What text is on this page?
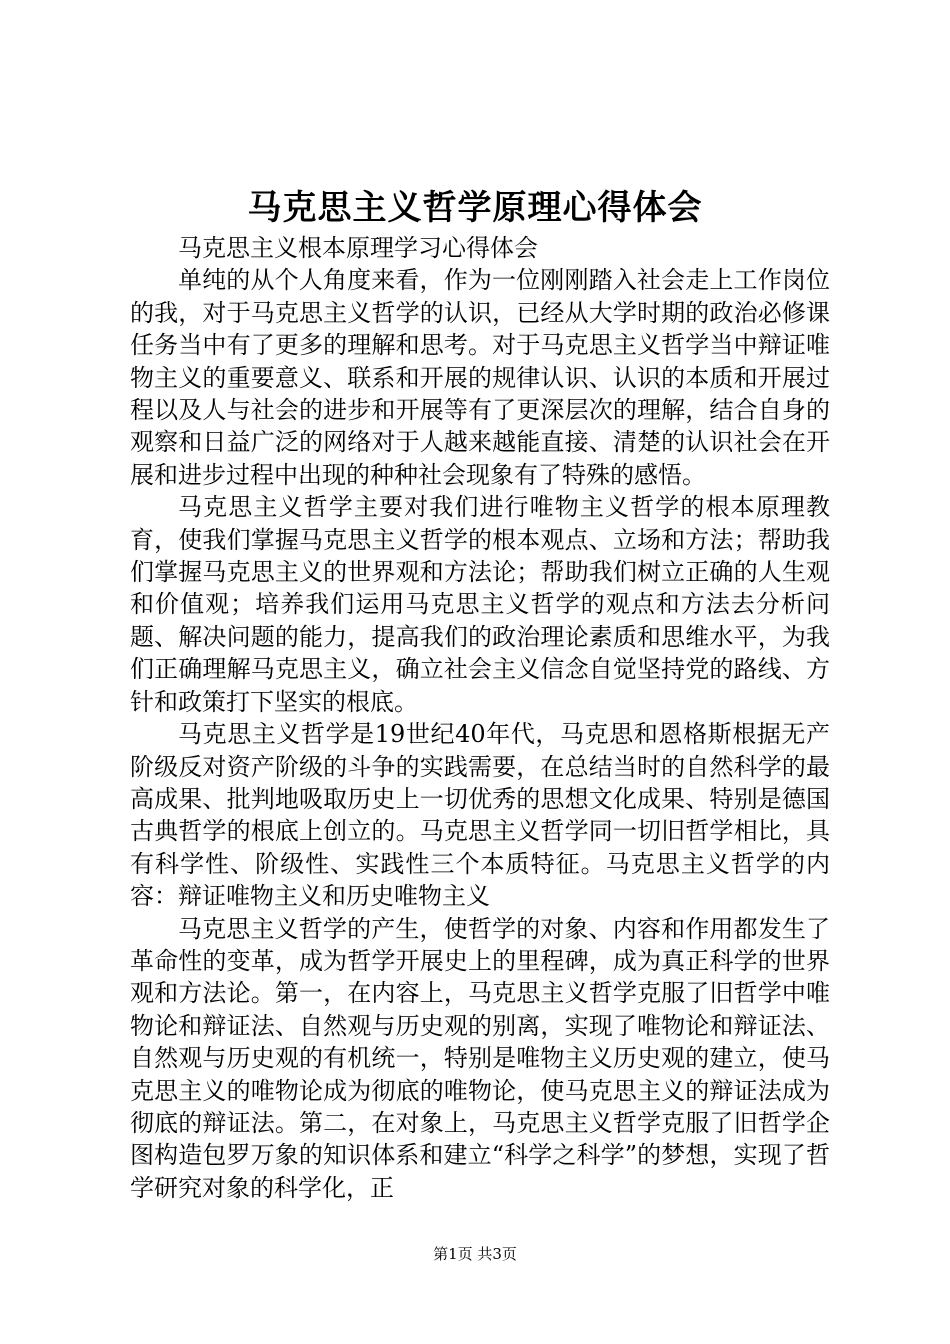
马克思主义哲学原理心得体会

马克思主义根本原理学习心得体会

单纯的从个人角度来看，作为一位刚刚踏入社会走上工作岗位的我，对于马克思主义哲学的认识，已经从大学时期的政治必修课任务当中有了更多的理解和思考。对于马克思主义哲学当中辩证唯物主义的重要意义、联系和开展的规律认识、认识的本质和开展过程以及人与社会的进步和开展等有了更深层次的理解，结合自身的观察和日益广泛的网络对于人越来越能直接、清楚的认识社会在开展和进步过程中出现的种种社会现象有了特殊的感悟。

马克思主义哲学主要对我们进行唯物主义哲学的根本原理教育，使我们掌握马克思主义哲学的根本观点、立场和方法；帮助我们掌握马克思主义的世界观和方法论；帮助我们树立正确的人生观和价值观；培养我们运用马克思主义哲学的观点和方法去分析问题、解决问题的能力，提高我们的政治理论素质和思维水平，为我们正确理解马克思主义，确立社会主义信念自觉坚持党的路线、方针和政策打下坚实的根底。

马克思主义哲学是19世纪40年代，马克思和恩格斯根据无产阶级反对资产阶级的斗争的实践需要，在总结当时的自然科学的最高成果、批判地吸取历史上一切优秀的思想文化成果、特别是德国古典哲学的根底上创立的。马克思主义哲学同一切旧哲学相比，具有科学性、阶级性、实践性三个本质特征。马克思主义哲学的内容：辩证唯物主义和历史唯物主义

马克思主义哲学的产生，使哲学的对象、内容和作用都发生了革命性的变革，成为哲学开展史上的里程碑，成为真正科学的世界观和方法论。第一，在内容上，马克思主义哲学克服了旧哲学中唯物论和辩证法、自然观与历史观的别离，实现了唯物论和辩证法、自然观与历史观的有机统一，特别是唯物主义历史观的建立，使马克思主义的唯物论成为彻底的唯物论，使马克思主义的辩证法成为彻底的辩证法。第二，在对象上，马克思主义哲学克服了旧哲学企图构造包罗万象的知识体系和建立“科学之科学”的梦想，实现了哲学研究对象的科学化，正

第1页 共3页
